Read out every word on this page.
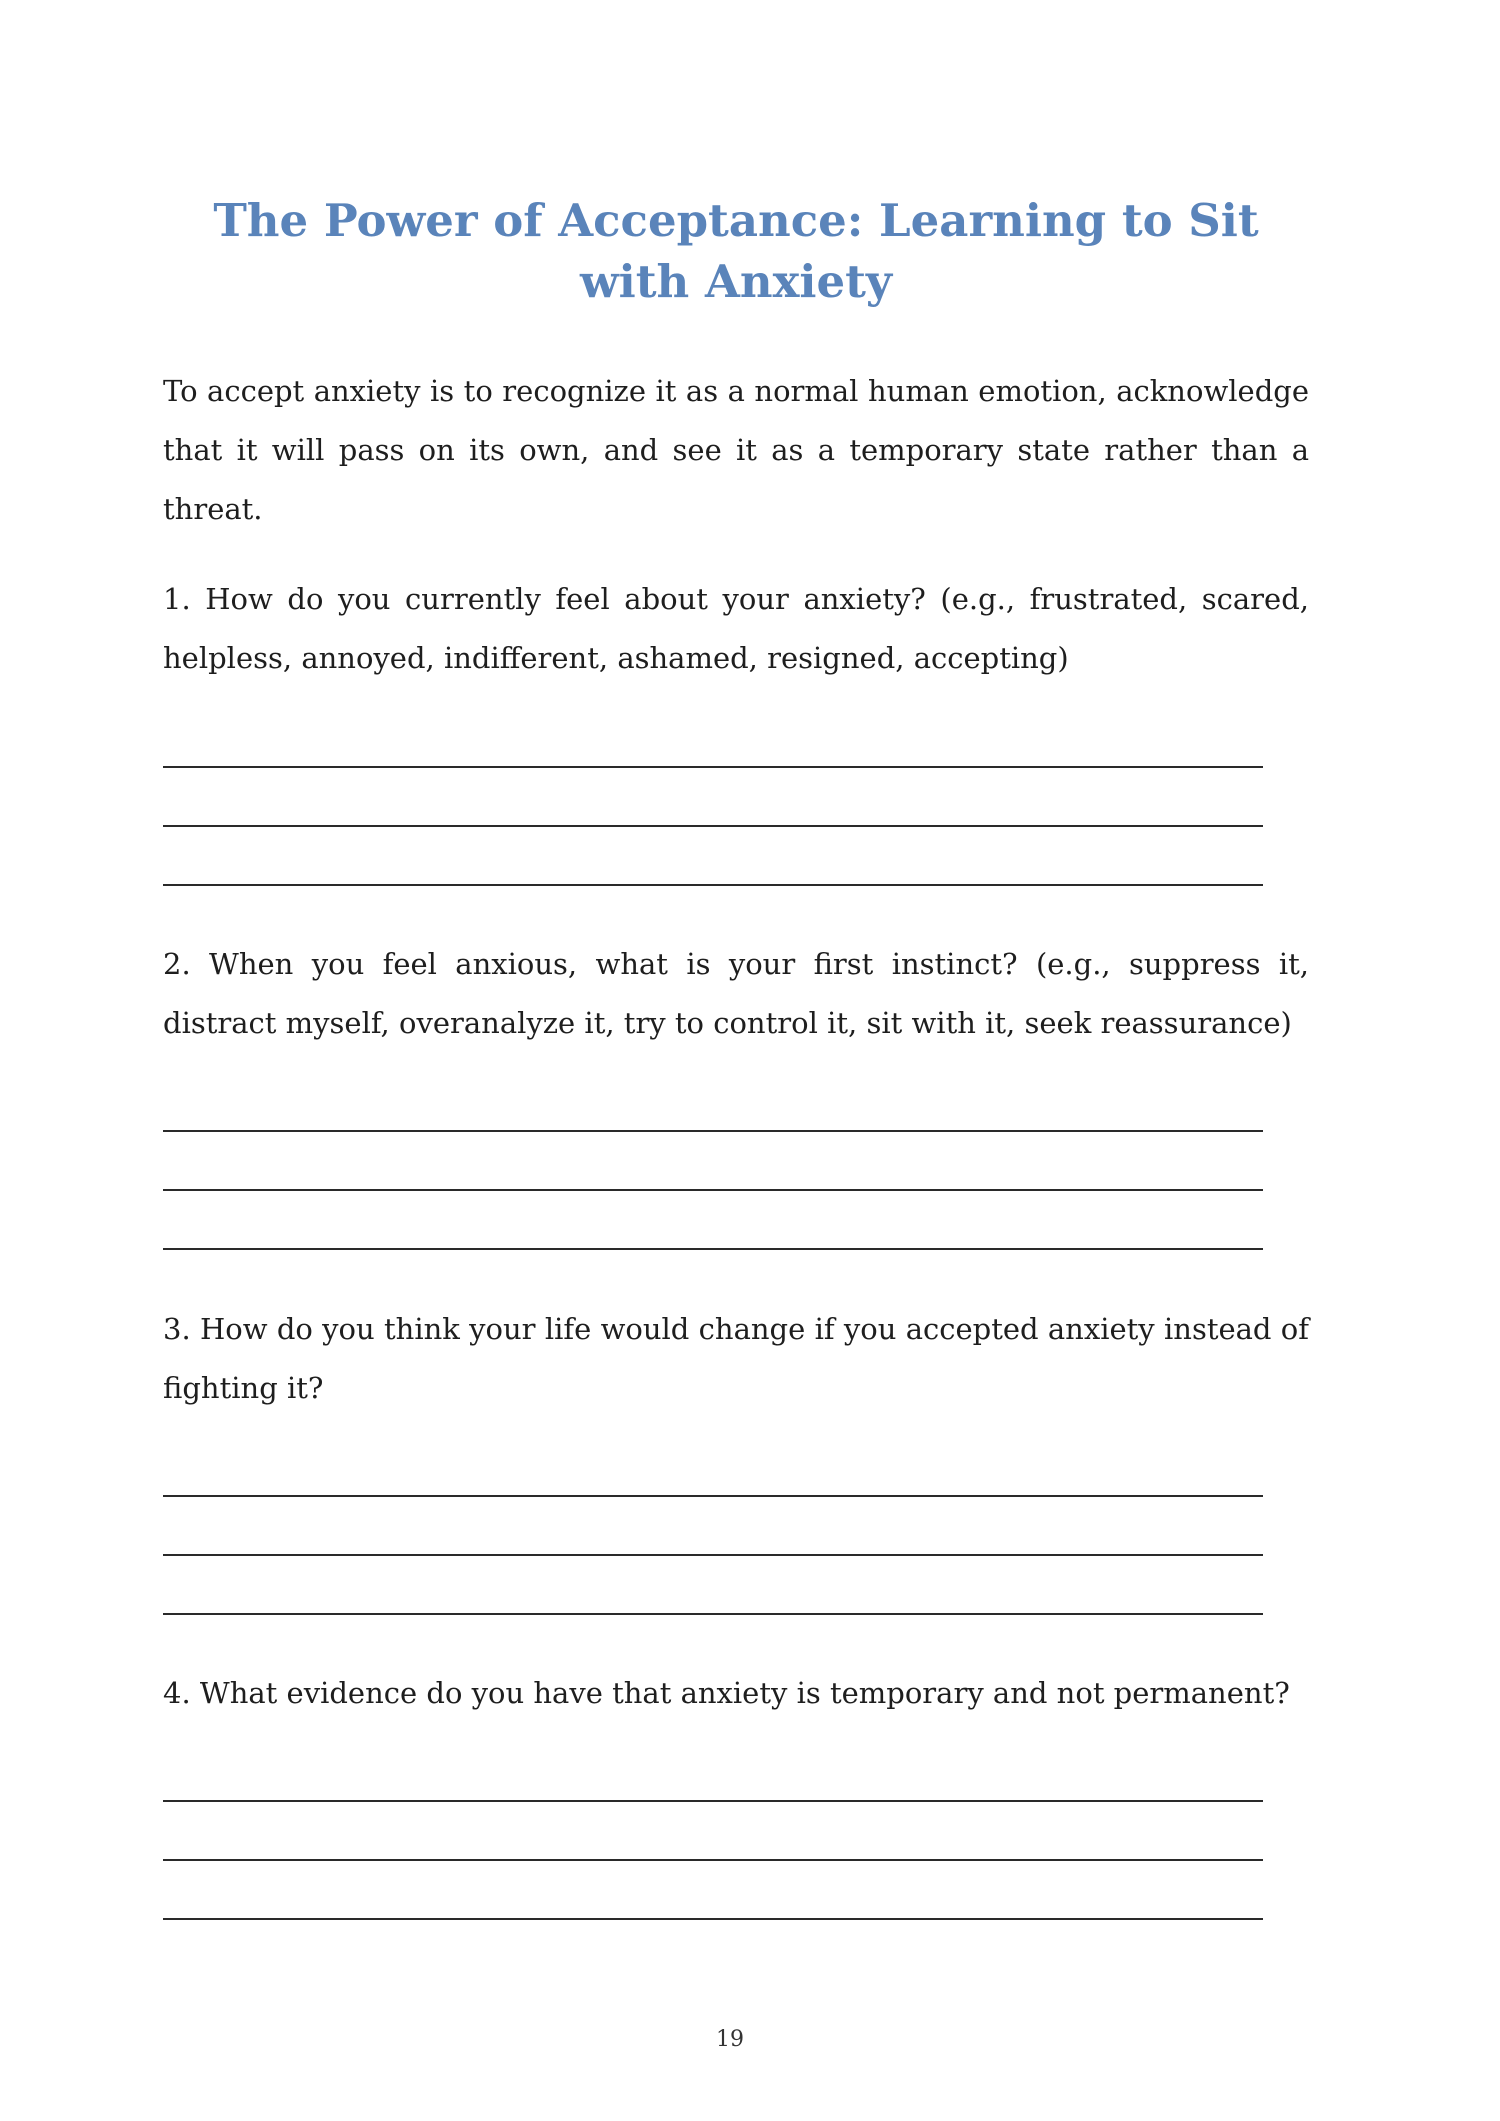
The Power of Acceptance: Learning to Sit with Anxiety

To accept anxiety is to recognize it as a normal human emotion, acknowledge that it will pass on its own, and see it as a temporary state rather than a threat.

1. How do you currently feel about your anxiety? (e.g., frustrated, scared, helpless, annoyed, indifferent, ashamed, resigned, accepting)

2. When you feel anxious, what is your first instinct? (e.g., suppress it, distract myself, overanalyze it, try to control it, sit with it, seek reassurance)

3. How do you think your life would change if you accepted anxiety instead of fighting it?

4. What evidence do you have that anxiety is temporary and not permanent?

19
